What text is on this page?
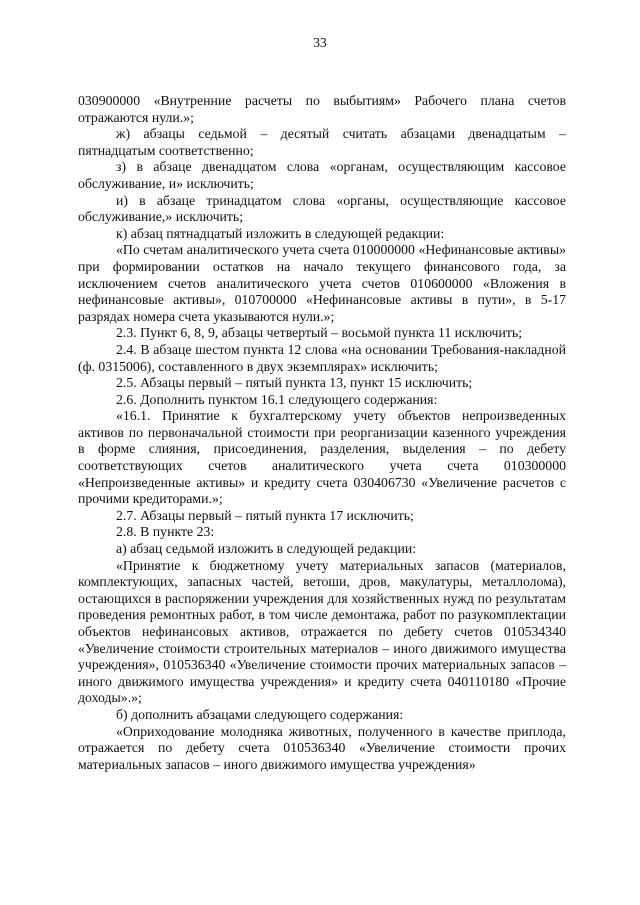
33

030900000 «Внутренние расчеты по выбытиям» Рабочего плана счетов отражаются нули.»;

ж) абзацы седьмой – десятый считать абзацами двенадцатым – пятнадцатым соответственно;

з) в абзаце двенадцатом слова «органам, осуществляющим кассовое обслуживание, и» исключить;

и) в абзаце тринадцатом слова «органы, осуществляющие кассовое обслуживание,» исключить;

к) абзац пятнадцатый изложить в следующей редакции:

«По счетам аналитического учета счета 010000000 «Нефинансовые активы» при формировании остатков на начало текущего финансового года, за исключением счетов аналитического учета счетов 010600000 «Вложения в нефинансовые активы», 010700000 «Нефинансовые активы в пути», в 5-17 разрядах номера счета указываются нули.»;

2.3. Пункт 6, 8, 9, абзацы четвертый – восьмой пункта 11 исключить;

2.4. В абзаце шестом пункта 12 слова «на основании Требования-накладной (ф. 0315006), составленного в двух экземплярах» исключить;

2.5. Абзацы первый – пятый пункта 13, пункт 15 исключить;

2.6. Дополнить пунктом 16.1 следующего содержания:

«16.1. Принятие к бухгалтерскому учету объектов непроизведенных активов по первоначальной стоимости при реорганизации казенного учреждения в форме слияния, присоединения, разделения, выделения – по дебету соответствующих счетов аналитического учета счета 010300000 «Непроизведенные активы» и кредиту счета 030406730 «Увеличение расчетов с прочими кредиторами.»;

2.7. Абзацы первый – пятый пункта 17 исключить;

2.8. В пункте 23:

а) абзац седьмой изложить в следующей редакции:

«Принятие к бюджетному учету материальных запасов (материалов, комплектующих, запасных частей, ветоши, дров, макулатуры, металлолома), остающихся в распоряжении учреждения для хозяйственных нужд по результатам проведения ремонтных работ, в том числе демонтажа, работ по разукомплектации объектов нефинансовых активов, отражается по дебету счетов 010534340 «Увеличение стоимости строительных материалов – иного движимого имущества учреждения», 010536340 «Увеличение стоимости прочих материальных запасов – иного движимого имущества учреждения» и кредиту счета 040110180 «Прочие доходы».»;

б) дополнить абзацами следующего содержания:

«Оприходование молодняка животных, полученного в качестве приплода, отражается по дебету счета 010536340 «Увеличение стоимости прочих материальных запасов – иного движимого имущества учреждения»
